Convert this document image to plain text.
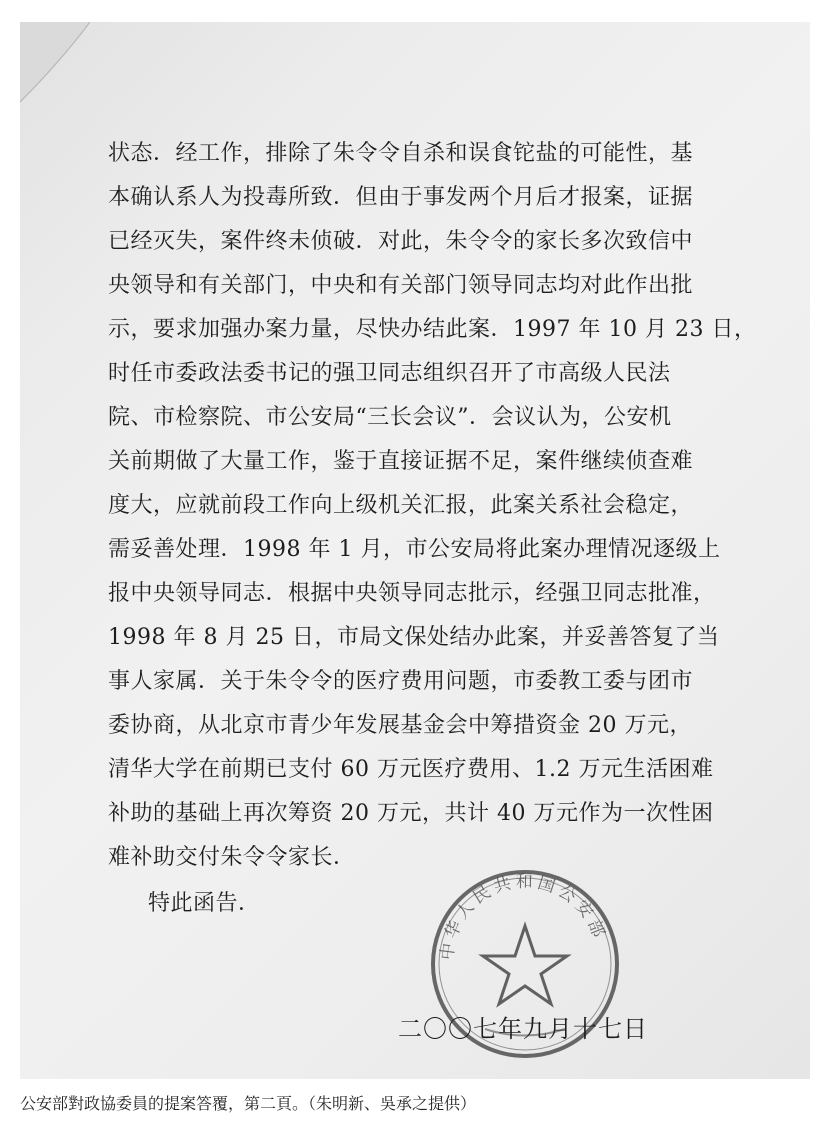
状态．经工作，排除了朱令令自杀和误食铊盐的可能性，基
本确认系人为投毒所致．但由于事发两个月后才报案，证据
已经灭失，案件终未侦破．对此，朱令令的家长多次致信中
央领导和有关部门，中央和有关部门领导同志均对此作出批
示，要求加强办案力量，尽快办结此案．1997 年 10 月 23 日，
时任市委政法委书记的强卫同志组织召开了市高级人民法
院、市检察院、市公安局“三长会议”．会议认为，公安机
关前期做了大量工作，鉴于直接证据不足，案件继续侦查难
度大，应就前段工作向上级机关汇报，此案关系社会稳定，
需妥善处理．1998 年 1 月，市公安局将此案办理情况逐级上
报中央领导同志．根据中央领导同志批示，经强卫同志批准，
1998 年 8 月 25 日，市局文保处结办此案，并妥善答复了当
事人家属．关于朱令令的医疗费用问题，市委教工委与团市
委协商，从北京市青少年发展基金会中筹措资金 20 万元，
清华大学在前期已支付 60 万元医疗费用、1.2 万元生活困难
补助的基础上再次筹资 20 万元，共计 40 万元作为一次性困
难补助交付朱令令家长．
特此函告．
中华人民共和国公安部
二〇〇七年九月十七日
公安部對政協委員的提案答覆，第二頁。（朱明新、吳承之提供）
